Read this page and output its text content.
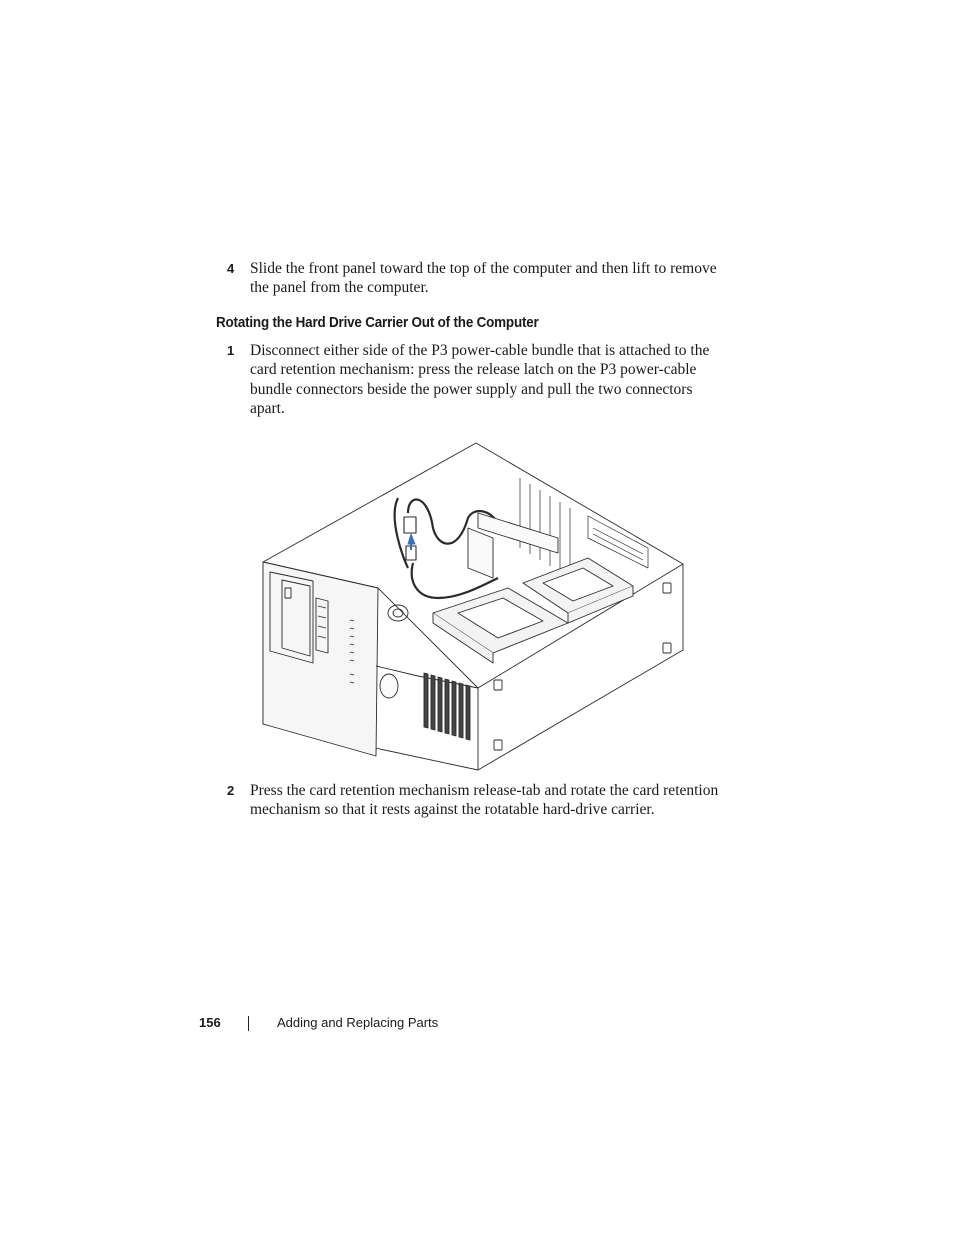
4 Slide the front panel toward the top of the computer and then lift to remove the panel from the computer.
Rotating the Hard Drive Carrier Out of the Computer
1 Disconnect either side of the P3 power-cable bundle that is attached to the card retention mechanism: press the release latch on the P3 power-cable bundle connectors beside the power supply and pull the two connectors apart.
2 Press the card retention mechanism release-tab and rotate the card retention mechanism so that it rests against the rotatable hard-drive carrier.
156	Adding and Replacing Parts
